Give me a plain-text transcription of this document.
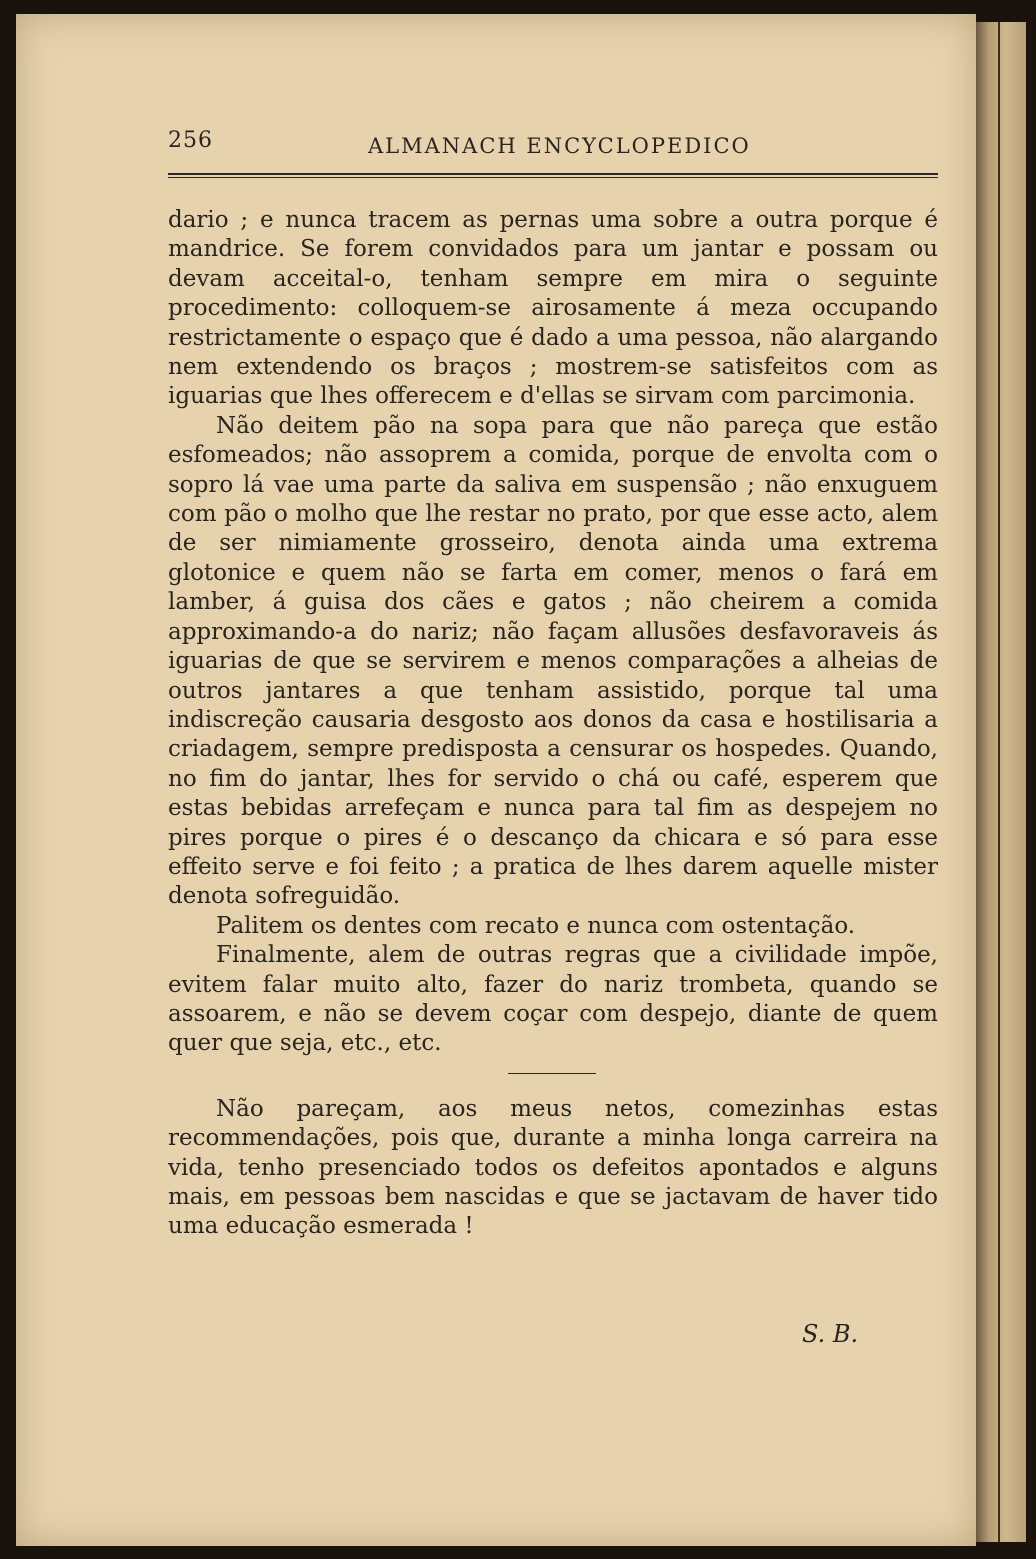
256	ALMANACH ENCYCLOPEDICO

dario ; e nunca tracem as pernas uma sobre a outra porque é mandrice. Se forem convidados para um jantar e possam ou devam acceital-o, tenham sempre em mira o seguinte procedimento: colloquem-se airosamente á meza occupando restrictamente o espaço que é dado a uma pessoa, não alargando nem extendendo os braços ; mostrem-se satisfeitos com as iguarias que lhes offerecem e d'ellas se sirvam com parcimonia.

Não deitem pão na sopa para que não pareça que estão esfomeados; não assoprem a comida, porque de envolta com o sopro lá vae uma parte da saliva em suspensão ; não enxuguem com pão o molho que lhe restar no prato, por que esse acto, alem de ser nimiamente grosseiro, denota ainda uma extrema glotonice e quem não se farta em comer, menos o fará em lamber, á guisa dos cães e gatos ; não cheirem a comida approximando-a do nariz; não façam allusões desfavoraveis ás iguarias de que se servirem e menos comparações a alheias de outros jantares a que tenham assistido, porque tal uma indiscreção causaria desgosto aos donos da casa e hostilisaria a criadagem, sempre predisposta a censurar os hospedes. Quando, no fim do jantar, lhes for servido o chá ou café, esperem que estas bebidas arrefeçam e nunca para tal fim as despejem no pires porque o pires é o descanço da chicara e só para esse effeito serve e foi feito ; a pratica de lhes darem aquelle mister denota sofreguidão.

Palitem os dentes com recato e nunca com ostentação.

Finalmente, alem de outras regras que a civilidade impõe, evitem falar muito alto, fazer do nariz trombeta, quando se assoarem, e não se devem coçar com despejo, diante de quem quer que seja, etc., etc.

Não pareçam, aos meus netos, comezinhas estas recommendações, pois que, durante a minha longa carreira na vida, tenho presenciado todos os defeitos apontados e alguns mais, em pessoas bem nascidas e que se jactavam de haver tido uma educação esmerada !

S. B.
